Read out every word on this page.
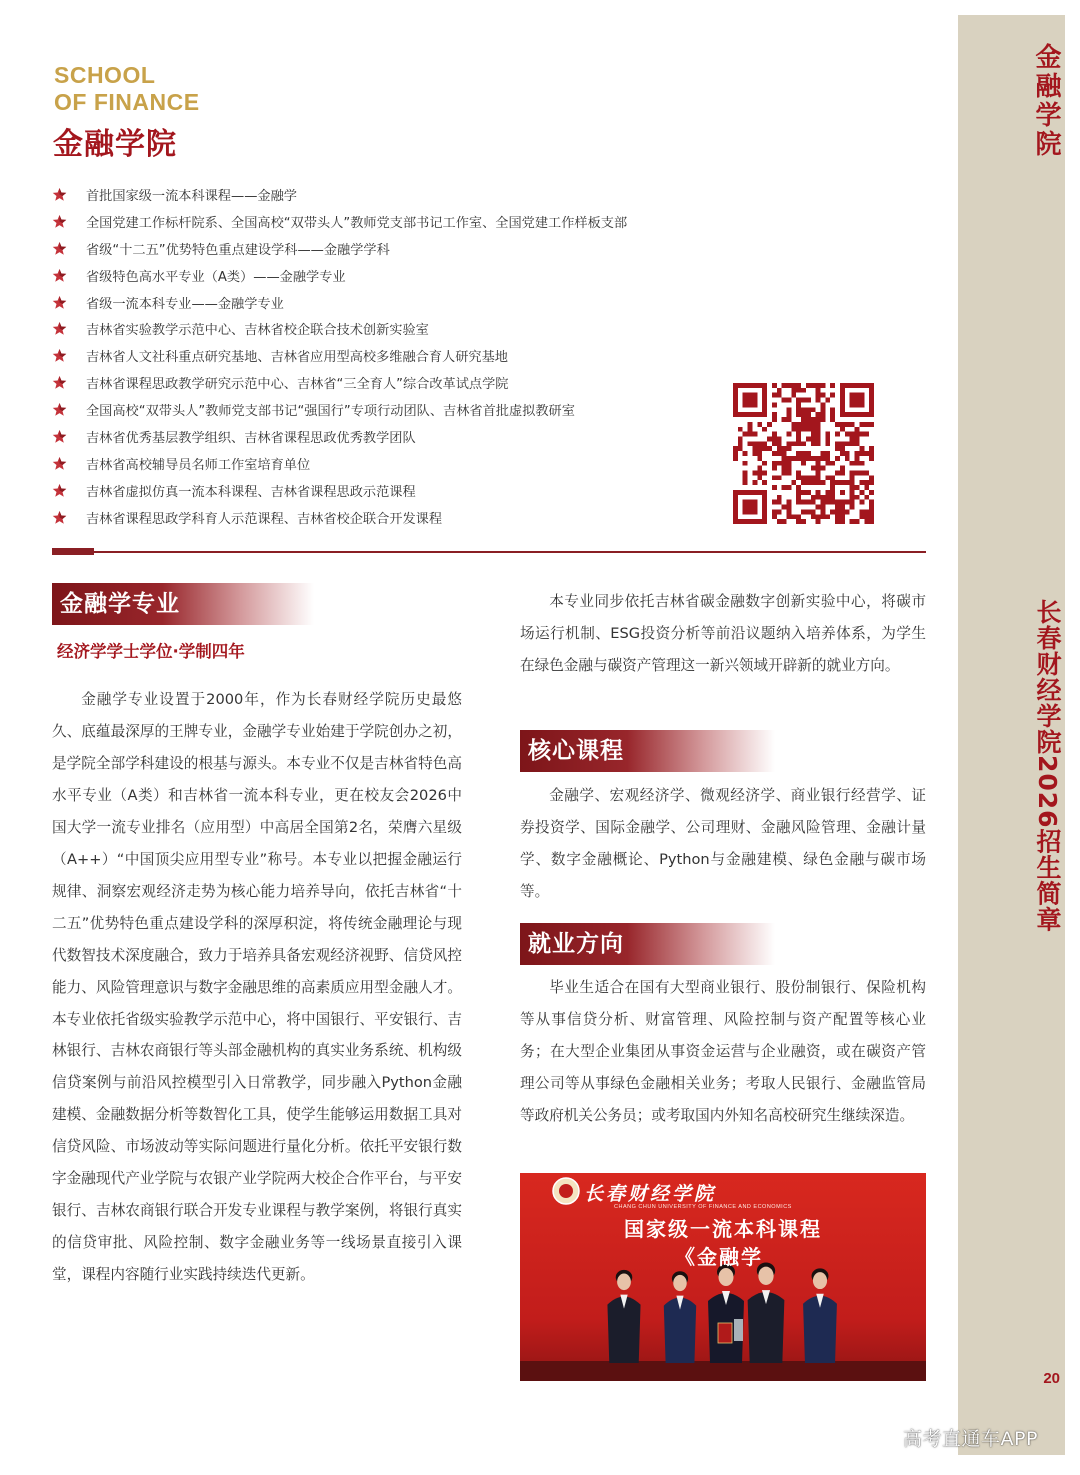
SCHOOL
OF FINANCE
金融学院
首批国家级一流本科课程——金融学
全国党建工作标杆院系、全国高校“双带头人”教师党支部书记工作室、全国党建工作样板支部
省级“十二五”优势特色重点建设学科——金融学学科
省级特色高水平专业（A类）——金融学专业
省级一流本科专业——金融学专业
吉林省实验教学示范中心、吉林省校企联合技术创新实验室
吉林省人文社科重点研究基地、吉林省应用型高校多维融合育人研究基地
吉林省课程思政教学研究示范中心、吉林省“三全育人”综合改革试点学院
全国高校“双带头人”教师党支部书记“强国行”专项行动团队、吉林省首批虚拟教研室
吉林省优秀基层教学组织、吉林省课程思政优秀教学团队
吉林省高校辅导员名师工作室培育单位
吉林省虚拟仿真一流本科课程、吉林省课程思政示范课程
吉林省课程思政学科育人示范课程、吉林省校企联合开发课程
金融学院
长春财经学院2026招生简章
20
金融学专业
经济学学士学位·学制四年

金融学专业设置于2000年，作为长春财经学院历史最悠久、底蕴最深厚的王牌专业，金融学专业始建于学院创办之初，是学院全部学科建设的根基与源头。本专业不仅是吉林省特色高水平专业（A类）和吉林省一流本科专业，更在校友会2026中国大学一流专业排名（应用型）中高居全国第2名，荣膺六星级（A++）“中国顶尖应用型专业”称号。本专业以把握金融运行规律、洞察宏观经济走势为核心能力培养导向，依托吉林省“十二五”优势特色重点建设学科的深厚积淀，将传统金融理论与现代数智技术深度融合，致力于培养具备宏观经济视野、信贷风控能力、风险管理意识与数字金融思维的高素质应用型金融人才。本专业依托省级实验教学示范中心，将中国银行、平安银行、吉林银行、吉林农商银行等头部金融机构的真实业务系统、机构级信贷案例与前沿风控模型引入日常教学，同步融入Python金融建模、金融数据分析等数智化工具，使学生能够运用数据工具对信贷风险、市场波动等实际问题进行量化分析。依托平安银行数字金融现代产业学院与农银产业学院两大校企合作平台，与平安银行、吉林农商银行联合开发专业课程与教学案例，将银行真实的信贷审批、风险控制、数字金融业务等一线场景直接引入课堂，课程内容随行业实践持续迭代更新。

本专业同步依托吉林省碳金融数字创新实验中心，将碳市场运行机制、ESG投资分析等前沿议题纳入培养体系，为学生在绿色金融与碳资产管理这一新兴领域开辟新的就业方向。

核心课程

金融学、宏观经济学、微观经济学、商业银行经营学、证券投资学、国际金融学、公司理财、金融风险管理、金融计量学、数字金融概论、Python与金融建模、绿色金融与碳市场等。

就业方向

毕业生适合在国有大型商业银行、股份制银行、保险机构等从事信贷分析、财富管理、风险控制与资产配置等核心业务；在大型企业集团从事资金运营与企业融资，或在碳资产管理公司等从事绿色金融相关业务；考取人民银行、金融监管局等政府机关公务员；或考取国内外知名高校研究生继续深造。

长春财经学院
CHANG CHUN UNIVERSITY OF FINANCE AND ECONOMICS
国家级一流本科课程
《金融学
高考直通车APP
